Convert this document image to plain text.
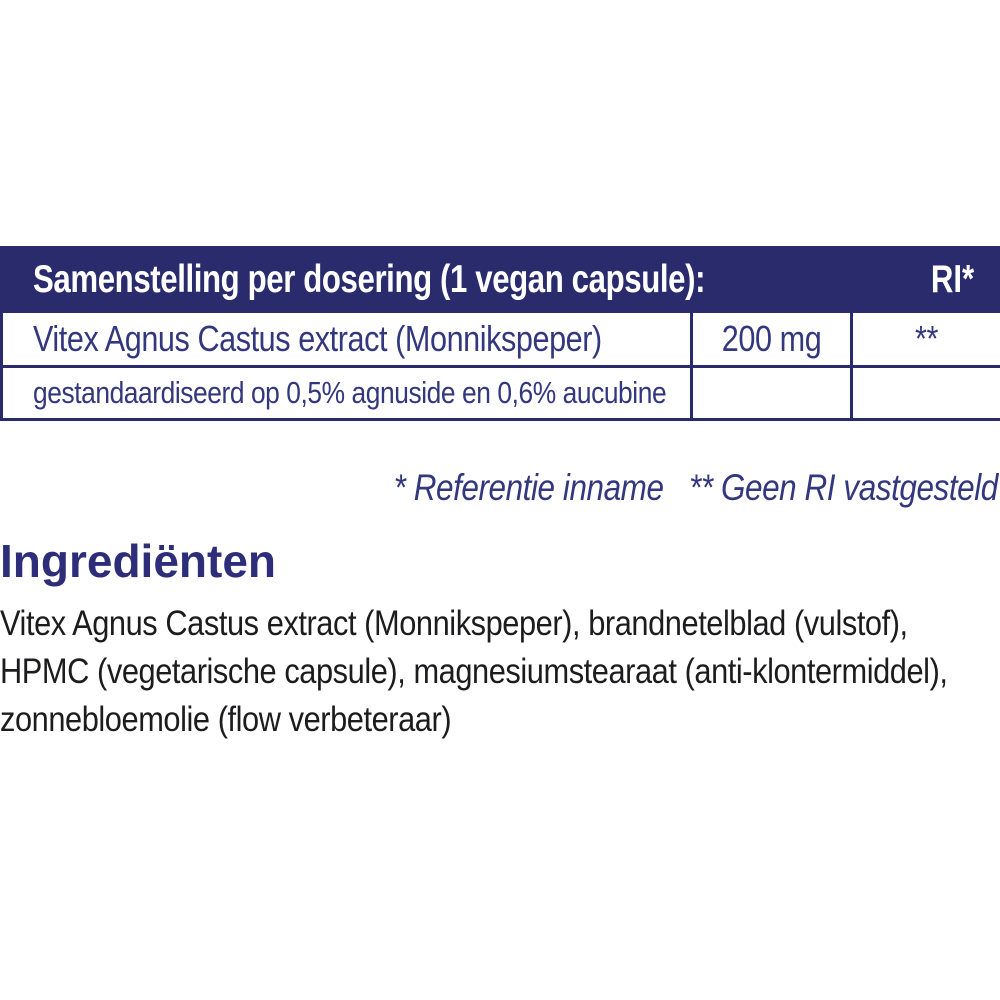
Samenstelling per dosering (1 vegan capsule): RI*		

Vitex Agnus Castus extract (Monnikspeper)	200 mg	**
gestandaardiseerd op 0,5% agnuside en 0,6% aucubine		
* Referentie inname ** Geen RI vastgesteld
Ingrediënten
Vitex Agnus Castus extract (Monnikspeper), brandnetelblad (vulstof),
HPMC (vegetarische capsule), magnesiumstearaat (anti-klontermiddel),
zonnebloemolie (flow verbeteraar)
